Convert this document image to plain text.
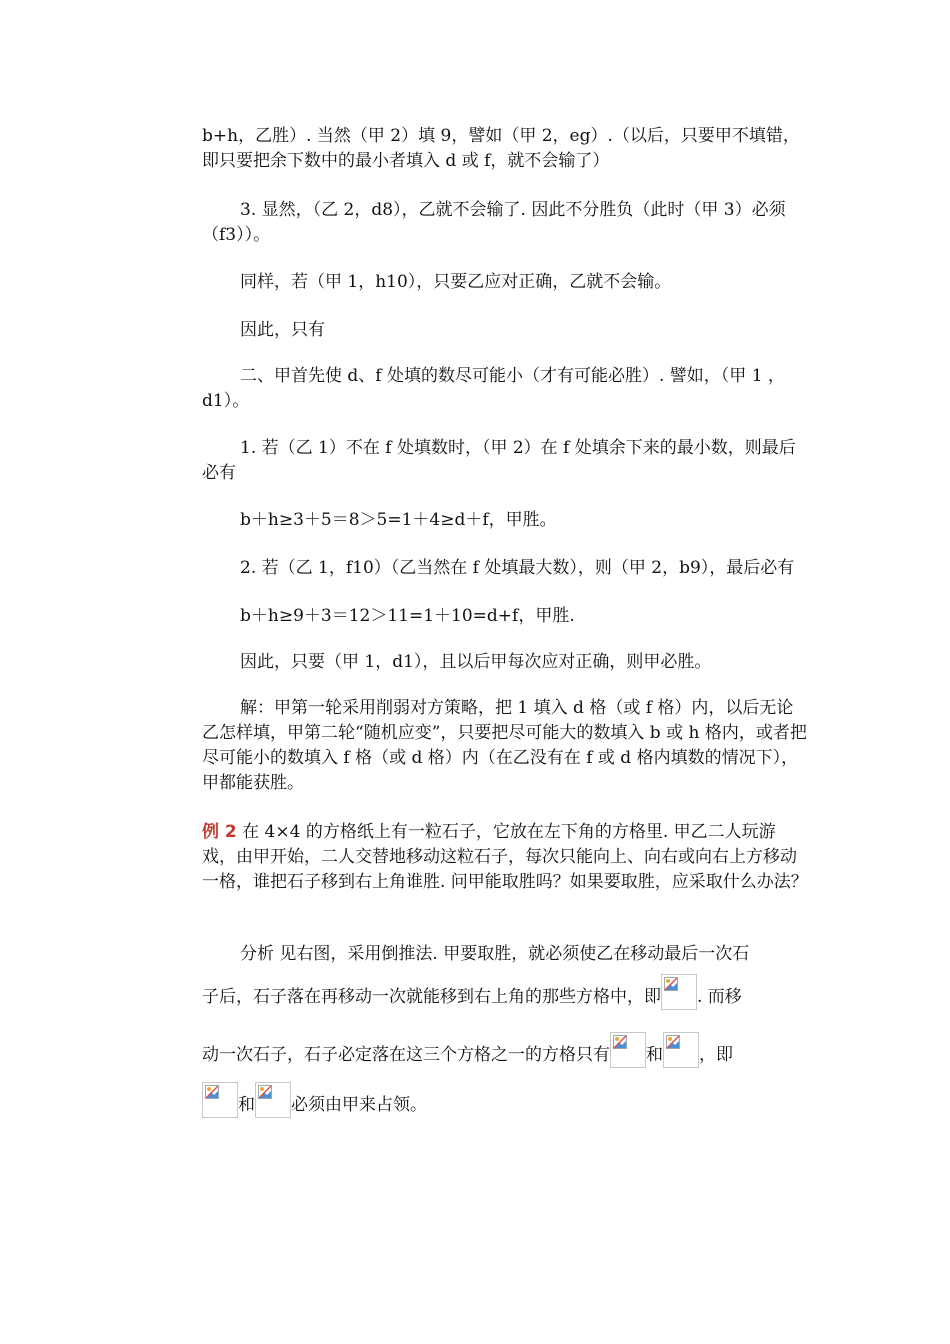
b+h，乙胜）. 当然（甲 2）填 9，譬如（甲 2，eg）.（以后，只要甲不填错，即只要把余下数中的最小者填入 d 或 f，就不会输了）
3. 显然，（乙 2，d8），乙就不会输了. 因此不分胜负（此时（甲 3）必须（f3））。
同样，若（甲 1，h10），只要乙应对正确，乙就不会输。
因此，只有
二、甲首先使 d、f 处填的数尽可能小（才有可能必胜）. 譬如，（甲 1 ，d1）。
1. 若（乙 1）不在 f 处填数时，（甲 2）在 f 处填余下来的最小数，则最后必有
b＋h≥3＋5＝8＞5=1＋4≥d＋f，甲胜。
2. 若（乙 1，f10）（乙当然在 f 处填最大数），则（甲 2，b9），最后必有
b＋h≥9＋3＝12＞11=1＋10=d+f，甲胜.
因此，只要（甲 1，d1），且以后甲每次应对正确，则甲必胜。
解：甲第一轮采用削弱对方策略，把 1 填入 d 格（或 f 格）内，以后无论乙怎样填，甲第二轮“随机应变”，只要把尽可能大的数填入 b 或 h 格内，或者把尽可能小的数填入 f 格（或 d 格）内（在乙没有在 f 或 d 格内填数的情况下），甲都能获胜。
例 2 在 4×4 的方格纸上有一粒石子，它放在左下角的方格里. 甲乙二人玩游戏，由甲开始，二人交替地移动这粒石子，每次只能向上、向右或向右上方移动一格，谁把石子移到右上角谁胜. 问甲能取胜吗？如果要取胜，应采取什么办法？
分析 见右图，采用倒推法. 甲要取胜，就必须使乙在移动最后一次石
子后，石子落在再移动一次就能移到右上角的那些方格中，即 . 而移
动一次石子，石子必定落在这三个方格之一的方格只有 和 ，即
和 必须由甲来占领。
